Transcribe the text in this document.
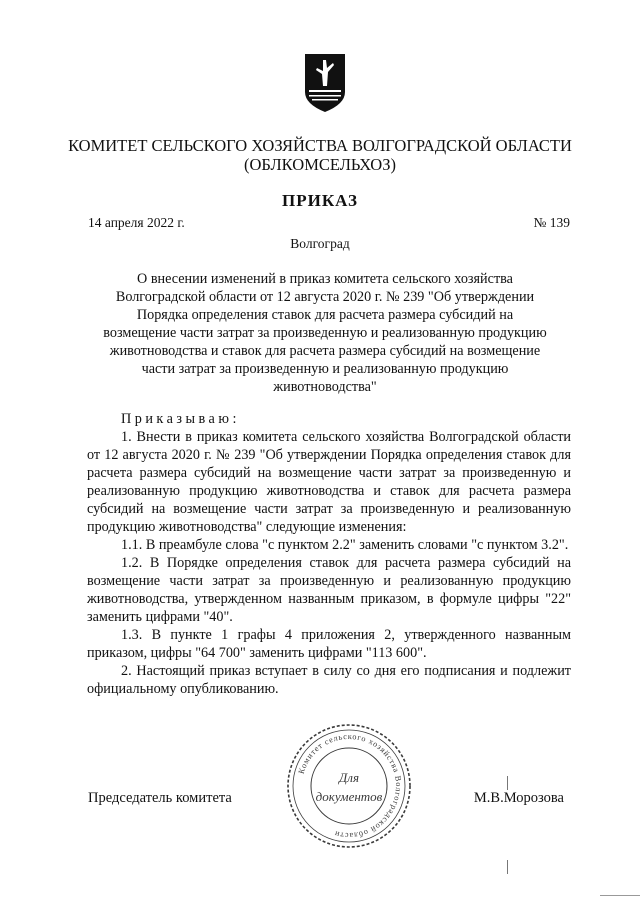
КОМИТЕТ СЕЛЬСКОГО ХОЗЯЙСТВА ВОЛГОГРАДСКОЙ ОБЛАСТИ
(ОБЛКОМСЕЛЬХОЗ)
ПРИКАЗ
14 апреля 2022 г.	№ 139
Волгоград
О внесении изменений в приказ комитета сельского хозяйства Волгоградской области от 12 августа 2020 г. № 239 "Об утверждении Порядка определения ставок для расчета размера субсидий на возмещение части затрат за произведенную и реализованную продукцию животноводства и ставок для расчета размера субсидий на возмещение части затрат за произведенную и реализованную продукцию животноводства"

Приказываю:

1. Внести в приказ комитета сельского хозяйства Волгоградской области от 12 августа 2020 г. № 239 "Об утверждении Порядка определения ставок для расчета размера субсидий на возмещение части затрат за произведенную и реализованную продукцию животноводства и ставок для расчета размера субсидий на возмещение части затрат за произведенную и реализованную продукцию животноводства" следующие изменения:

1.1. В преамбуле слова "с пунктом 2.2" заменить словами "с пунктом 3.2".

1.2. В Порядке определения ставок для расчета размера субсидий на возмещение части затрат за произведенную и реализованную продукцию животноводства, утвержденном названным приказом, в формуле цифры "22" заменить цифрами "40".

1.3. В пункте 1 графы 4 приложения 2, утвержденного названным приказом, цифры "64 700" заменить цифрами "113 600".

2. Настоящий приказ вступает в силу со дня его подписания и подлежит официальному опубликованию.

Председатель комитета	М.В.Морозова
Комитет сельского хозяйства Волгоградской области
Для
документов
